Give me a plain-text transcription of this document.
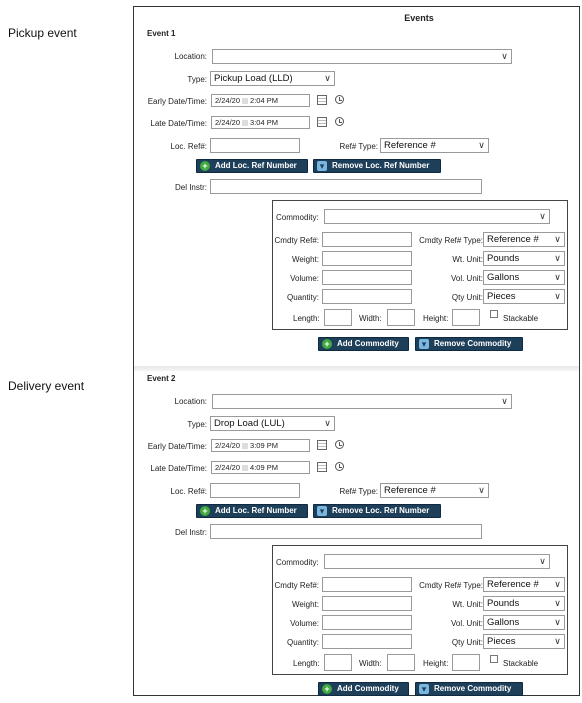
Pickup event
Delivery event
Events
Event 1
Location:	∨
Type: Pickup Load (LLD)	∨
Early Date/Time:	2/24/20 2:04 PM
Late Date/Time:	2/24/20 3:04 PM
Loc. Ref#:	Ref# Type: Reference #	∨
+ Add Loc. Ref Number	▾ Remove Loc. Ref Number
Del Instr:
Commodity:	∨
Cmdty Ref#:	Cmdty Ref# Type: Reference # ∨
Weight:	Wt. Unit: Pounds	∨
Volume:	Vol. Unit: Gallons	∨
Quantity:	Qty Unit: Pieces	∨
Length:	Width:	Height:	Stackable
+ Add Commodity	▾ Remove Commodity
Event 2
Location:	∨
Type: Drop Load (LUL)	∨
Early Date/Time:	2/24/20 3:09 PM
Late Date/Time:	2/24/20 4:09 PM
Loc. Ref#:	Ref# Type: Reference #	∨
+ Add Loc. Ref Number	▾ Remove Loc. Ref Number
Del Instr:
Commodity:	∨
Cmdty Ref#:	Cmdty Ref# Type: Reference # ∨
Weight:	Wt. Unit: Pounds	∨
Volume:	Vol. Unit: Gallons	∨
Quantity:	Qty Unit: Pieces	∨
Length:	Width:	Height:	Stackable
+ Add Commodity	▾ Remove Commodity
